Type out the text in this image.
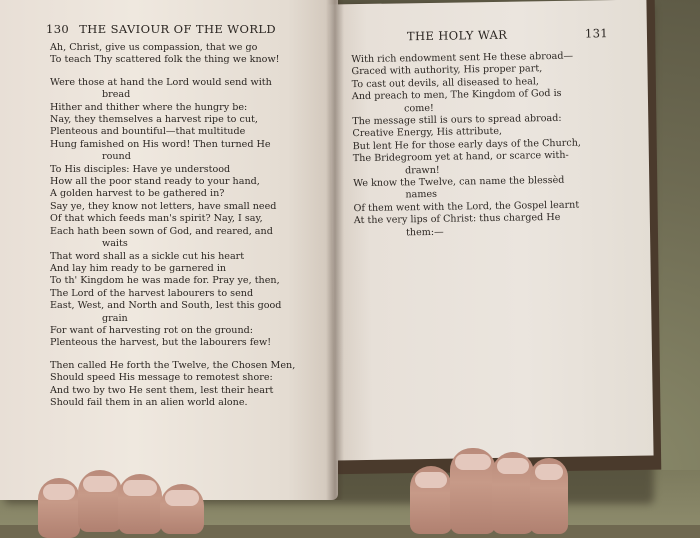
130 THE SAVIOUR OF THE WORLD
Ah, Christ, give us compassion, that we go
To teach Thy scattered folk the thing we know!
Were those at hand the Lord would send with
bread
Hither and thither where the hungry be:
Nay, they themselves a harvest ripe to cut,
Plenteous and bountiful—that multitude
Hung famished on His word! Then turned He
round
To His disciples: Have ye understood
How all the poor stand ready to your hand,
A golden harvest to be gathered in?
Say ye, they know not letters, have small need
Of that which feeds man's spirit? Nay, I say,
Each hath been sown of God, and reared, and
waits
That word shall as a sickle cut his heart
And lay him ready to be garnered in
To th' Kingdom he was made for. Pray ye, then,
The Lord of the harvest labourers to send
East, West, and North and South, lest this good
grain
For want of harvesting rot on the ground:
Plenteous the harvest, but the labourers few!
Then called He forth the Twelve, the Chosen Men,
Should speed His message to remotest shore:
And two by two He sent them, lest their heart
Should fail them in an alien world alone.
THE HOLY WAR	131
With rich endowment sent He these abroad—
Graced with authority, His proper part,
To cast out devils, all diseased to heal,
And preach to men, The Kingdom of God is
come!
The message still is ours to spread abroad:
Creative Energy, His attribute,
But lent He for those early days of the Church,
The Bridegroom yet at hand, or scarce with-
drawn!
We know the Twelve, can name the blessèd
names
Of them went with the Lord, the Gospel learnt
At the very lips of Christ: thus charged He
them:—
